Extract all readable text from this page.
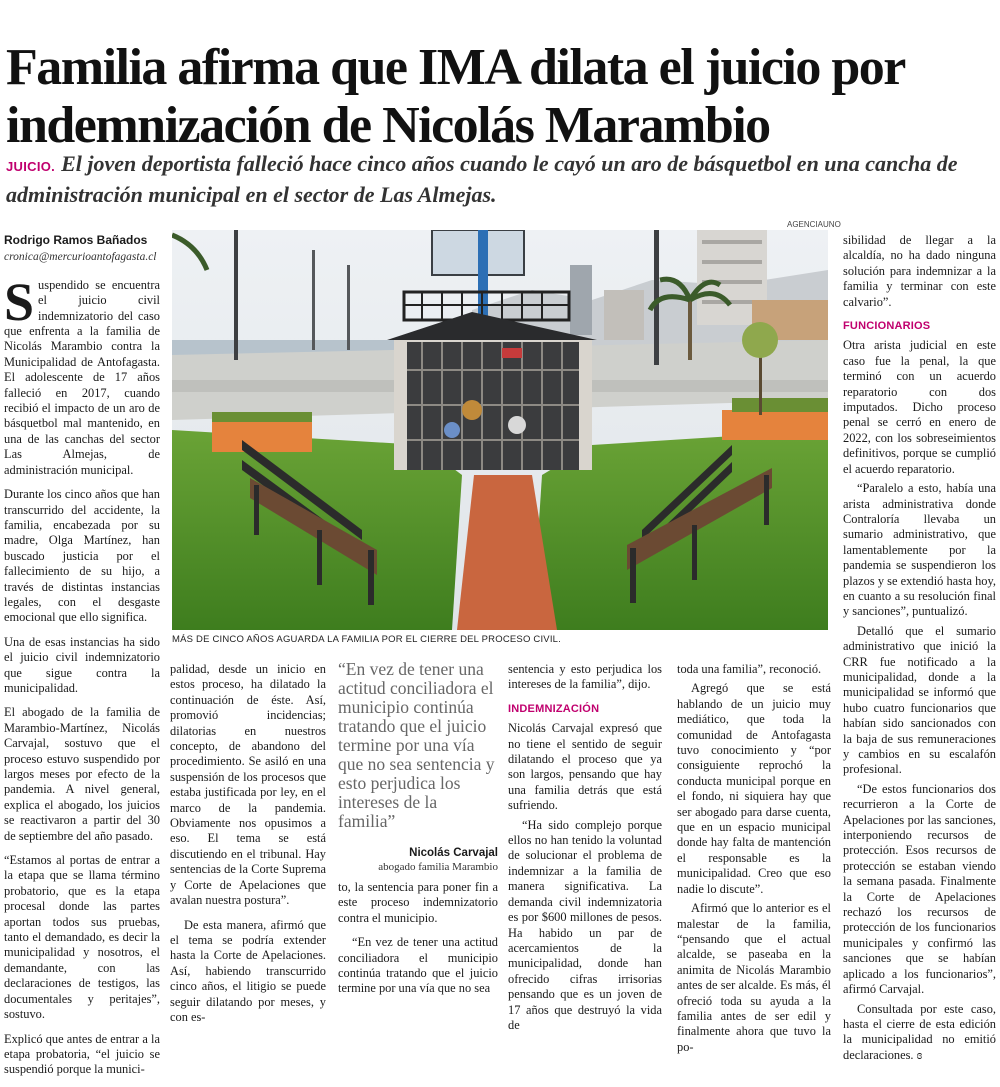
Familia afirma que IMA dilata el juicio por indemnización de Nicolás Marambio
JUICIO. El joven deportista falleció hace cinco años cuando le cayó un aro de básquetbol en una cancha de administración municipal en el sector de Las Almejas.

Rodrigo Ramos Bañados

cronica@mercurioantofagasta.cl

Suspendido se encuentra el juicio civil indemnizatorio del caso que enfrenta a la familia de Nicolás Marambio contra la Municipalidad de Antofagasta. El adolescente de 17 años falleció en 2017, cuando recibió el impacto de un aro de básquetbol mal mantenido, en una de las canchas del sector Las Almejas, de administración municipal.

Durante los cinco años que han transcurrido del accidente, la familia, encabezada por su madre, Olga Martínez, han buscado justicia por el fallecimiento de su hijo, a través de distintas instancias legales, con el desgaste emocional que ello significa.

Una de esas instancias ha sido el juicio civil indemnizatorio que sigue contra la municipalidad.

El abogado de la familia de Marambio-Martínez, Nicolás Carvajal, sostuvo que el proceso estuvo suspendido por largos meses por efecto de la pandemia. A nivel general, explica el abogado, los juicios se reactivaron a partir del 30 de septiembre del año pasado.

“Estamos al portas de entrar a la etapa que se llama término probatorio, que es la etapa procesal donde las partes aportan todos sus pruebas, tanto el demandado, es decir la municipalidad y nosotros, el demandante, con las declaraciones de testigos, las documentales y peritajes”, sostuvo.

Explicó que antes de entrar a la etapa probatoria, “el juicio se suspendió porque la munici-

AGENCIAUNO
MÁS DE CINCO AÑOS AGUARDA LA FAMILIA POR EL CIERRE DEL PROCESO CIVIL.

palidad, desde un inicio en estos proceso, ha dilatado la continuación de éste. Así, promovió incidencias; dilatorias en nuestros concepto, de abandono del procedimiento. Se asiló en una suspensión de los procesos que estaba justificada por ley, en el marco de la pandemia. Obviamente nos opusimos a eso. El tema se está discutiendo en el tribunal. Hay sentencias de la Corte Suprema y Corte de Apelaciones que avalan nuestra postura”.

De esta manera, afirmó que el tema se podría extender hasta la Corte de Apelaciones. Así, habiendo transcurrido cinco años, el litigio se puede seguir dilatando por meses, y con es-

“En vez de tener una actitud conciliadora el municipio continúa tratando que el juicio termine por una vía que no sea sentencia y esto perjudica los intereses de la familia”

Nicolás Carvajal

abogado familia Marambio

to, la sentencia para poner fin a este proceso indemnizatorio contra el municipio.

“En vez de tener una actitud conciliadora el municipio continúa tratando que el juicio termine por una vía que no sea

sentencia y esto perjudica los intereses de la familia”, dijo.

INDEMNIZACIÓN

Nicolás Carvajal expresó que no tiene el sentido de seguir dilatando el proceso que ya son largos, pensando que hay una familia detrás que está sufriendo.

“Ha sido complejo porque ellos no han tenido la voluntad de solucionar el problema de indemnizar a la familia de manera significativa. La demanda civil indemnizatoria es por $600 millones de pesos. Ha habido un par de acercamientos de la municipalidad, donde han ofrecido cifras irrisorias pensando que es un joven de 17 años que destruyó la vida de

toda una familia”, reconoció.

Agregó que se está hablando de un juicio muy mediático, que toda la comunidad de Antofagasta tuvo conocimiento y “por consiguiente reprochó la conducta municipal porque en el fondo, ni siquiera hay que ser abogado para darse cuenta, que en un espacio municipal donde hay falta de mantención el responsable es la municipalidad. Creo que eso nadie lo discute”.

Afirmó que lo anterior es el malestar de la familia, “pensando que el actual alcalde, se paseaba en la animita de Nicolás Marambio antes de ser alcalde. Es más, él ofreció toda su ayuda a la familia antes de ser edil y finalmente ahora que tuvo la po-

sibilidad de llegar a la alcaldía, no ha dado ninguna solución para indemnizar a la familia y terminar con este calvario”.

FUNCIONARIOS

Otra arista judicial en este caso fue la penal, la que terminó con un acuerdo reparatorio con dos imputados. Dicho proceso penal se cerró en enero de 2022, con los sobreseimientos definitivos, porque se cumplió el acuerdo reparatorio.

“Paralelo a esto, había una arista administrativa donde Contraloría llevaba un sumario administrativo, que lamentablemente por la pandemia se suspendieron los plazos y se extendió hasta hoy, en cuanto a su resolución final y sanciones”, puntualizó.

Detalló que el sumario administrativo que inició la CRR fue notificado a la municipalidad, donde a la municipalidad se informó que hubo cuatro funcionarios que habían sido sancionados con la baja de sus remuneraciones y cambios en su escalafón profesional.

“De estos funcionarios dos recurrieron a la Corte de Apelaciones por las sanciones, interponiendo recursos de protección. Esos recursos de protección se estaban viendo la semana pasada. Finalmente la Corte de Apelaciones rechazó los recursos de protección de los funcionarios municipales y confirmó las sanciones que se habían aplicado a los funcionarios”, afirmó Carvajal.

Consultada por este caso, hasta el cierre de esta edición la municipalidad no emitió declaraciones. ɞ
